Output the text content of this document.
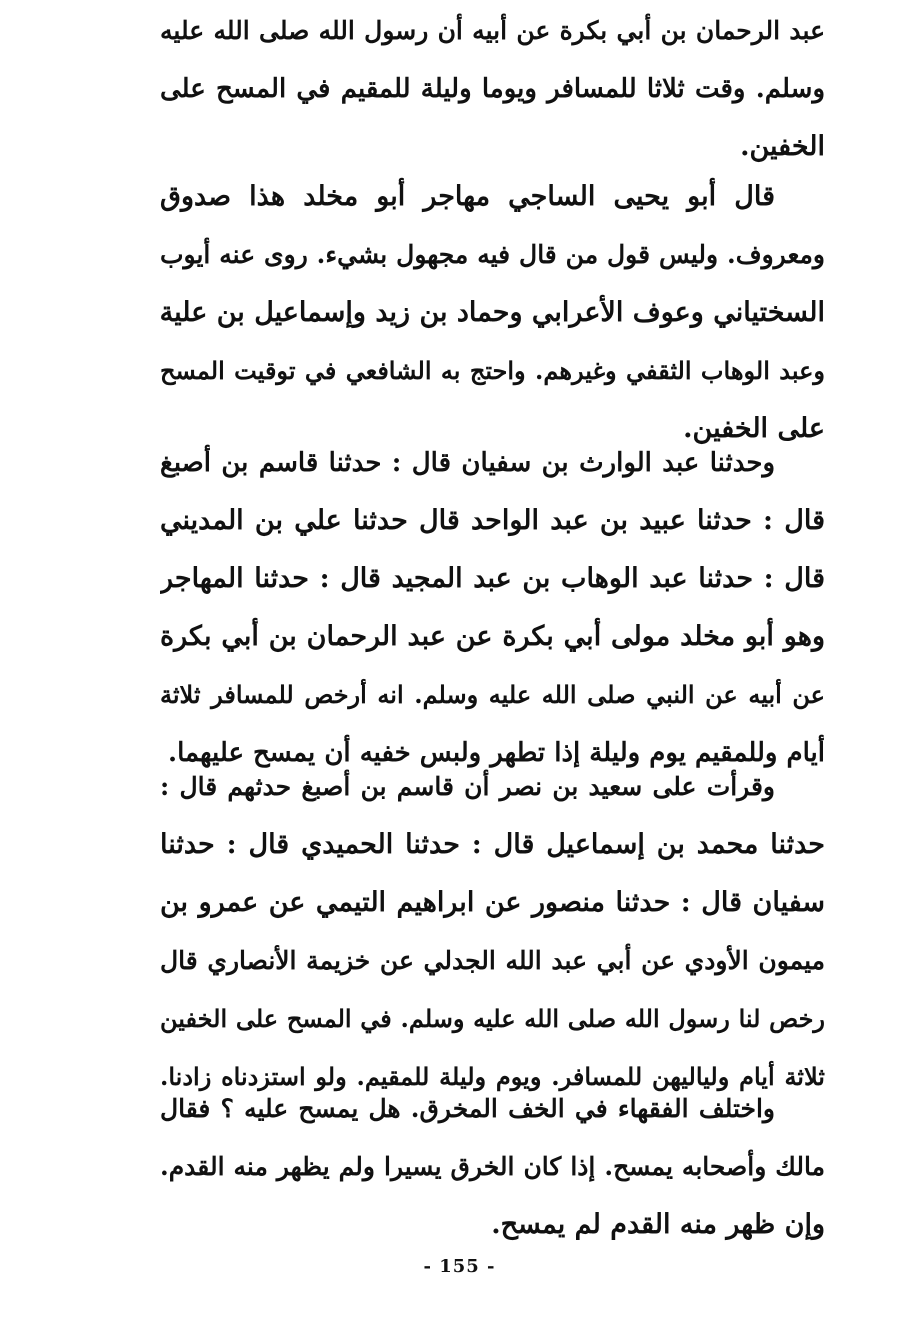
عبد الرحمان بن أبي بكرة عن أبيه أن رسول الله صلى الله عليه
وسلم. وقت ثلاثا للمسافر ويوما وليلة للمقيم في المسح على
الخفين.

قال أبو يحيى الساجي مهاجر أبو مخلد هذا صدوق
ومعروف. وليس قول من قال فيه مجهول بشيء. روى عنه أيوب
السختياني وعوف الأعرابي وحماد بن زيد وإسماعيل بن علية
وعبد الوهاب الثقفي وغيرهم. واحتج به الشافعي في توقيت المسح
على الخفين.

وحدثنا عبد الوارث بن سفيان قال : حدثنا قاسم بن أصبغ
قال : حدثنا عبيد بن عبد الواحد قال حدثنا علي بن المديني
قال : حدثنا عبد الوهاب بن عبد المجيد قال : حدثنا المهاجر
وهو أبو مخلد مولى أبي بكرة عن عبد الرحمان بن أبي بكرة
عن أبيه عن النبي صلى الله عليه وسلم. انه أرخص للمسافر ثلاثة
أيام وللمقيم يوم وليلة إذا تطهر ولبس خفيه أن يمسح عليهما.

وقرأت على سعيد بن نصر أن قاسم بن أصبغ حدثهم قال :
حدثنا محمد بن إسماعيل قال : حدثنا الحميدي قال : حدثنا
سفيان قال : حدثنا منصور عن ابراهيم التيمي عن عمرو بن
ميمون الأودي عن أبي عبد الله الجدلي عن خزيمة الأنصاري قال
رخص لنا رسول الله صلى الله عليه وسلم. في المسح على الخفين
ثلاثة أيام ولياليهن للمسافر. ويوم وليلة للمقيم. ولو استزدناه زادنا.

واختلف الفقهاء في الخف المخرق. هل يمسح عليه ؟ فقال
مالك وأصحابه يمسح. إذا كان الخرق يسيرا ولم يظهر منه القدم.
وإن ظهر منه القدم لم يمسح.

- 155 -
